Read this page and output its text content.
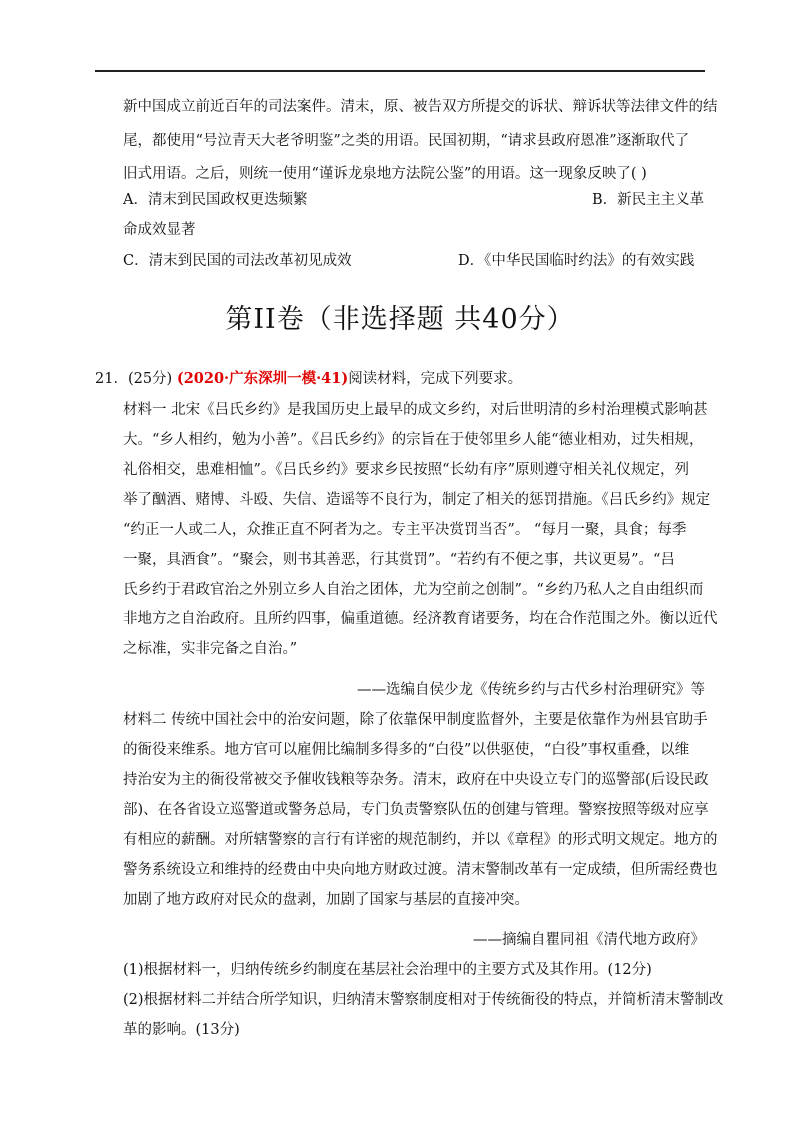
新中国成立前近百年的司法案件。清末，原、被告双方所提交的诉状、辩诉状等法律文件的结
尾，都使用“号泣青天大老爷明鉴”之类的用语。民国初期，“请求县政府恩准”逐渐取代了
旧式用语。之后，则统一使用“谨诉龙泉地方法院公鉴”的用语。这一现象反映了( )
A．清末到民国政权更迭频繁	B．新民主主义革
命成效显著
C．清末到民国的司法改革初见成效	D．《中华民国临时约法》的有效实践
第II卷（非选择题 共40分）
21．(25分) (2020·广东深圳一模·41)阅读材料，完成下列要求。
材料一 北宋《吕氏乡约》是我国历史上最早的成文乡约，对后世明清的乡村治理模式影响甚
大。“乡人相约，勉为小善”。《吕氏乡约》的宗旨在于使邻里乡人能“德业相劝，过失相规，
礼俗相交，患难相恤”。《吕氏乡约》要求乡民按照“长幼有序”原则遵守相关礼仪规定，列
举了酗酒、赌博、斗殴、失信、造谣等不良行为，制定了相关的惩罚措施。《吕氏乡约》规定
“约正一人或二人，众推正直不阿者为之。专主平决赏罚当否”。 “每月一聚，具食；每季
一聚，具酒食”。“聚会，则书其善恶，行其赏罚”。“若约有不便之事，共议更易”。“吕
氏乡约于君政官治之外别立乡人自治之团体，尤为空前之创制”。“乡约乃私人之自由组织而
非地方之自治政府。且所约四事，偏重道德。经济教育诸要务，均在合作范围之外。衡以近代
之标准，实非完备之自治。”
——选编自侯少龙《传统乡约与古代乡村治理研究》等
材料二 传统中国社会中的治安问题，除了依靠保甲制度监督外，主要是依靠作为州县官助手
的衙役来维系。地方官可以雇佣比编制多得多的“白役”以供驱使，“白役”事权重叠，以维
持治安为主的衙役常被交予催收钱粮等杂务。清末，政府在中央设立专门的巡警部(后设民政
部)、在各省设立巡警道或警务总局，专门负责警察队伍的创建与管理。警察按照等级对应享
有相应的薪酬。对所辖警察的言行有详密的规范制约，并以《章程》的形式明文规定。地方的
警务系统设立和维持的经费由中央向地方财政过渡。清末警制改革有一定成绩，但所需经费也
加剧了地方政府对民众的盘剥，加剧了国家与基层的直接冲突。
——摘编自瞿同祖《清代地方政府》
(1)根据材料一，归纳传统乡约制度在基层社会治理中的主要方式及其作用。(12分)
(2)根据材料二并结合所学知识，归纳清末警察制度相对于传统衙役的特点，并简析清末警制改
革的影响。(13分)
